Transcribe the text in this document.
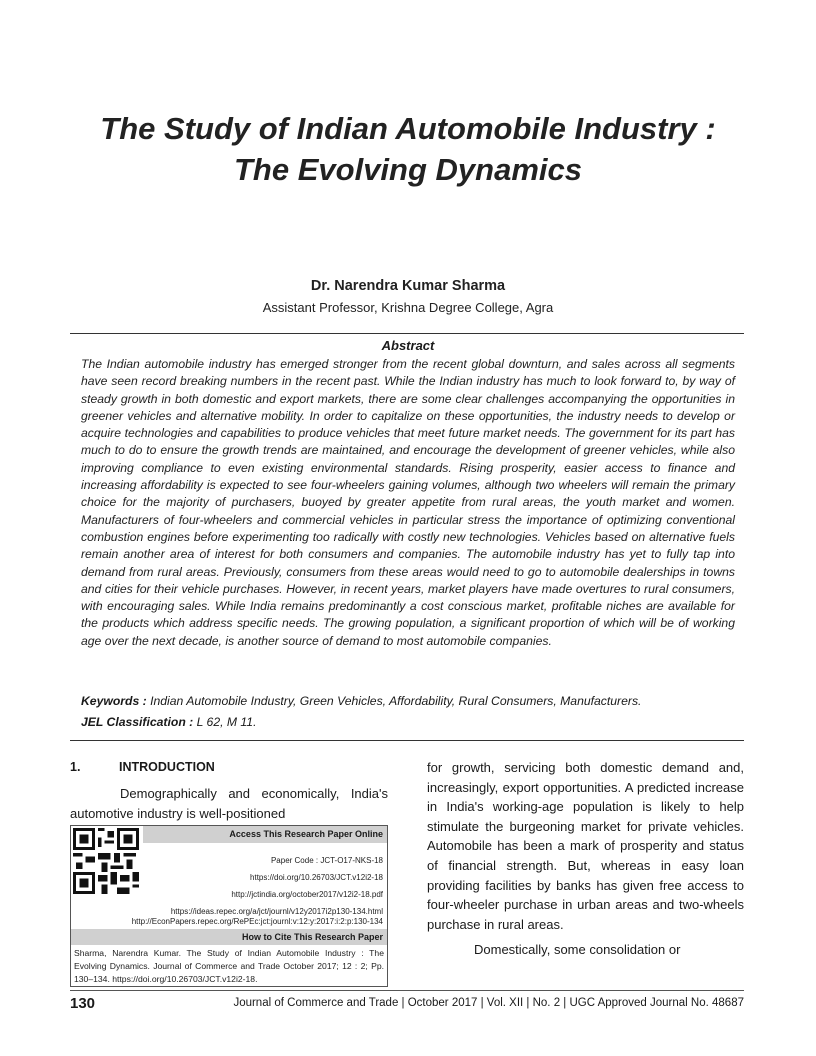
The Study of Indian Automobile Industry :
The Evolving Dynamics
Dr. Narendra Kumar Sharma
Assistant Professor, Krishna Degree College, Agra
Abstract
The Indian automobile industry has emerged stronger from the recent global downturn, and sales across all segments have seen record breaking numbers in the recent past. While the Indian industry has much to look forward to, by way of steady growth in both domestic and export markets, there are some clear challenges accompanying the opportunities in greener vehicles and alternative mobility. In order to capitalize on these opportunities, the industry needs to develop or acquire technologies and capabilities to produce vehicles that meet future market needs. The government for its part has much to do to ensure the growth trends are maintained, and encourage the development of greener vehicles, while also improving compliance to even existing environmental standards. Rising prosperity, easier access to finance and increasing affordability is expected to see four-wheelers gaining volumes, although two wheelers will remain the primary choice for the majority of purchasers, buoyed by greater appetite from rural areas, the youth market and women. Manufacturers of four-wheelers and commercial vehicles in particular stress the importance of optimizing conventional combustion engines before experimenting too radically with costly new technologies. Vehicles based on alternative fuels remain another area of interest for both consumers and companies. The automobile industry has yet to fully tap into demand from rural areas. Previously, consumers from these areas would need to go to automobile dealerships in towns and cities for their vehicle purchases. However, in recent years, market players have made overtures to rural consumers, with encouraging sales. While India remains predominantly a cost conscious market, profitable niches are available for the products which address specific needs. The growing population, a significant proportion of which will be of working age over the next decade, is another source of demand to most automobile companies.
Keywords : Indian Automobile Industry, Green Vehicles, Affordability, Rural Consumers, Manufacturers.
JEL Classification : L 62, M 11.
1.	INTRODUCTION

Demographically and economically, India's automotive industry is well-positioned

Access This Research Paper Online
Paper Code : JCT-O17-NKS-18
https://doi.org/10.26703/JCT.v12i2-18
http://jctindia.org/october2017/v12i2-18.pdf
https://ideas.repec.org/a/jct/journl/v12y2017i2p130-134.html
http://EconPapers.repec.org/RePEc:jct:journl:v:12:y:2017:i:2:p:130-134
How to Cite This Research Paper
Sharma, Narendra Kumar. The Study of Indian Automobile Industry : The Evolving Dynamics. Journal of Commerce and Trade October 2017; 12 : 2; Pp. 130–134. https://doi.org/10.26703/JCT.v12i2-18.

for growth, servicing both domestic demand and, increasingly, export opportunities. A predicted increase in India's working-age population is likely to help stimulate the burgeoning market for private vehicles. Automobile has been a mark of prosperity and status of financial strength. But, whereas in easy loan providing facilities by banks has given free access to four-wheeler purchase in urban areas and two-wheels purchase in rural areas.

Domestically, some consolidation or

130	Journal of Commerce and Trade | October 2017 | Vol. XII | No. 2 | UGC Approved Journal No. 48687
